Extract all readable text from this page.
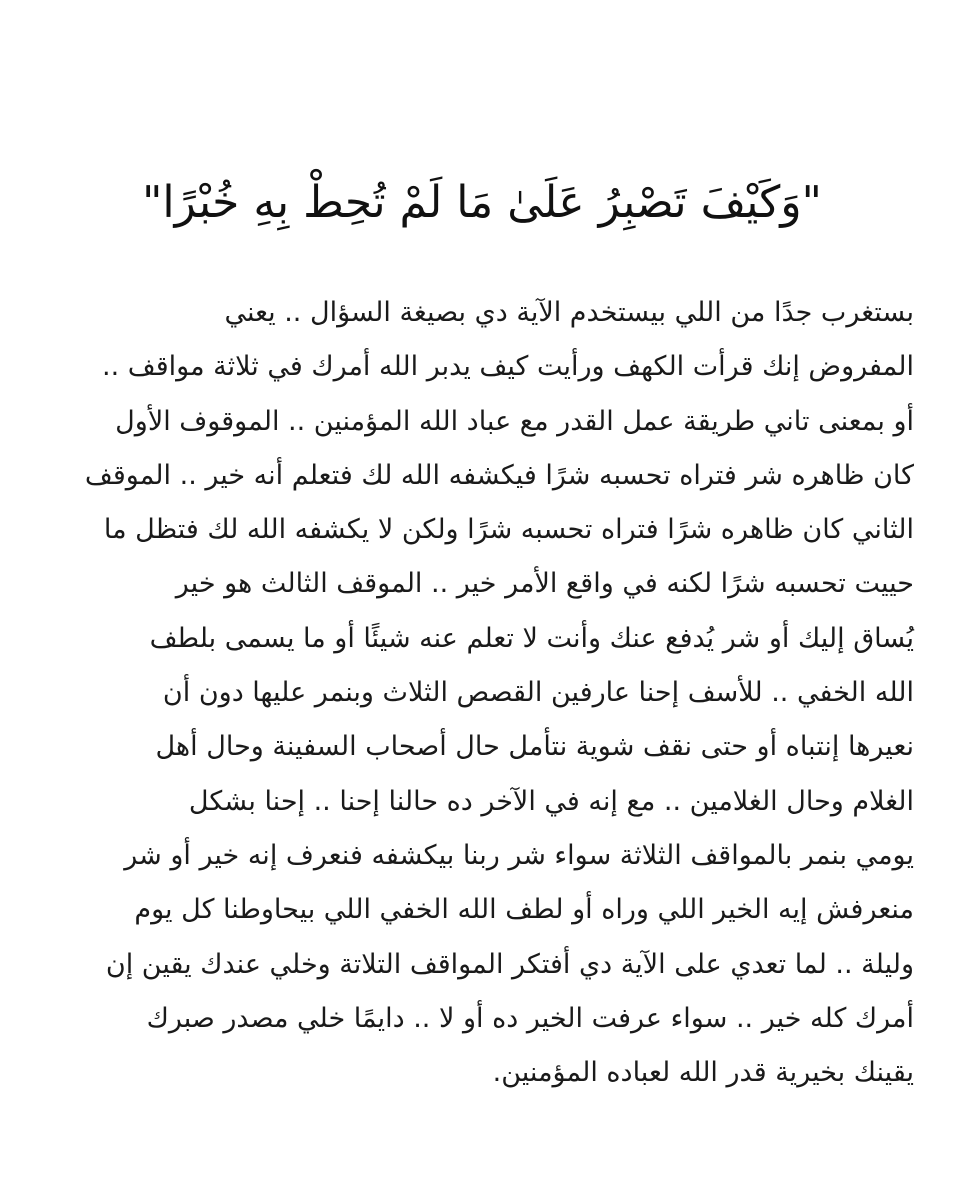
"وَكَيْفَ تَصْبِرُ عَلَىٰ مَا لَمْ تُحِطْ بِهِ خُبْرًا"
بستغرب جدًا من اللي بيستخدم الآية دي بصيغة السؤال .. يعني
المفروض إنك قرأت الكهف ورأيت كيف يدبر الله أمرك في ثلاثة مواقف ..
أو بمعنى تاني طريقة عمل القدر مع عباد الله المؤمنين .. الموقوف الأول
كان ظاهره شر فتراه تحسبه شرًا فيكشفه الله لك فتعلم أنه خير .. الموقف
الثاني كان ظاهره شرًا فتراه تحسبه شرًا ولكن لا يكشفه الله لك فتظل ما
حييت تحسبه شرًا لكنه في واقع الأمر خير .. الموقف الثالث هو خير
يُساق إليك أو شر يُدفع عنك وأنت لا تعلم عنه شيئًا أو ما يسمى بلطف
الله الخفي .. للأسف إحنا عارفين القصص الثلاث وبنمر عليها دون أن
نعيرها إنتباه أو حتى نقف شوية نتأمل حال أصحاب السفينة وحال أهل
الغلام وحال الغلامين .. مع إنه في الآخر ده حالنا إحنا .. إحنا بشكل
يومي بنمر بالمواقف الثلاثة سواء شر ربنا بيكشفه فنعرف إنه خير أو شر
منعرفش إيه الخير اللي وراه أو لطف الله الخفي اللي بيحاوطنا كل يوم
وليلة .. لما تعدي على الآية دي أفتكر المواقف التلاتة وخلي عندك يقين إن
أمرك كله خير .. سواء عرفت الخير ده أو لا .. دايمًا خلي مصدر صبرك
يقينك بخيرية قدر الله لعباده المؤمنين.
